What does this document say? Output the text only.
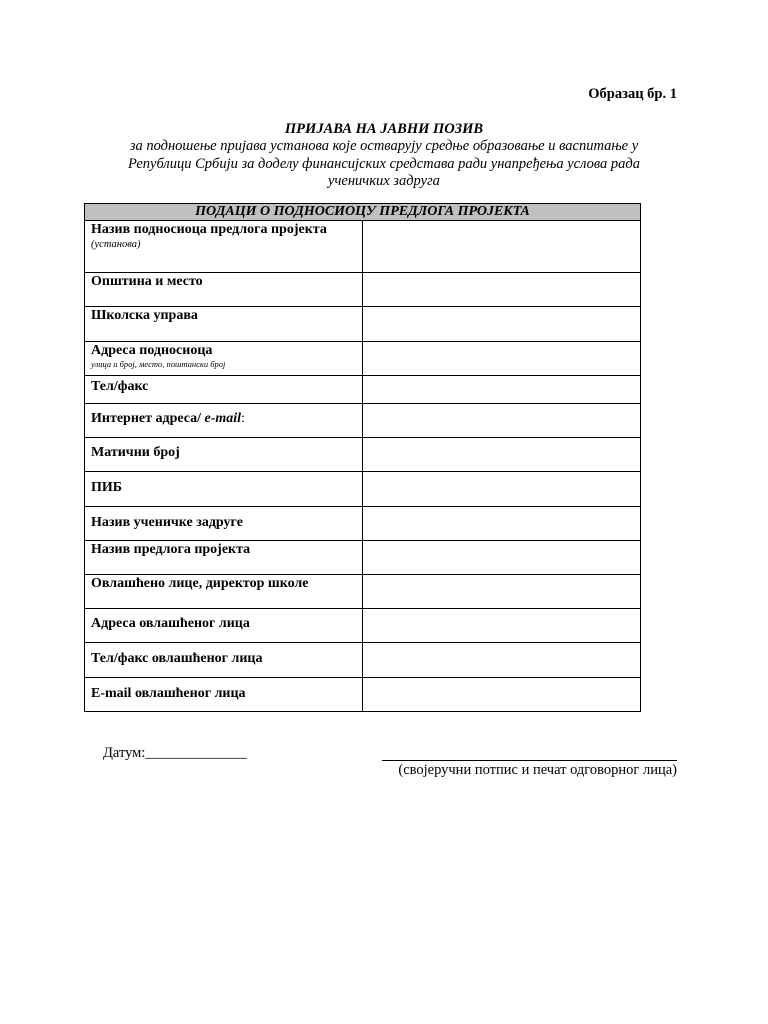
Образац бр. 1
ПРИЈАВА НА ЈАВНИ ПОЗИВ
за подношење пријава установа које остварују средње образовање и васпитање у Републици Србији за доделу финансијских средстава ради унапређења услова рада ученичких задруга
ПОДАЦИ О ПОДНОСИОЦУ ПРЕДЛОГА ПРОЈЕКТА	
Назив подносиоца предлога пројекта
(установа)	

Општина и место	
Школска управа	
Адреса подносиоца
улица и број, место, поштански број	

Тел/факс	
Интернет адреса/ e-mail:	
Матични број	
ПИБ	
Назив ученичке задруге	
Назив предлога пројекта	
Овлашћено лице, директор школе	
Адреса овлашћеног лица	
Тел/факс овлашћеног лица	
E-mail овлашћеног лица	
Датум:______________
(својеручни потпис и печат одговорног лица)
